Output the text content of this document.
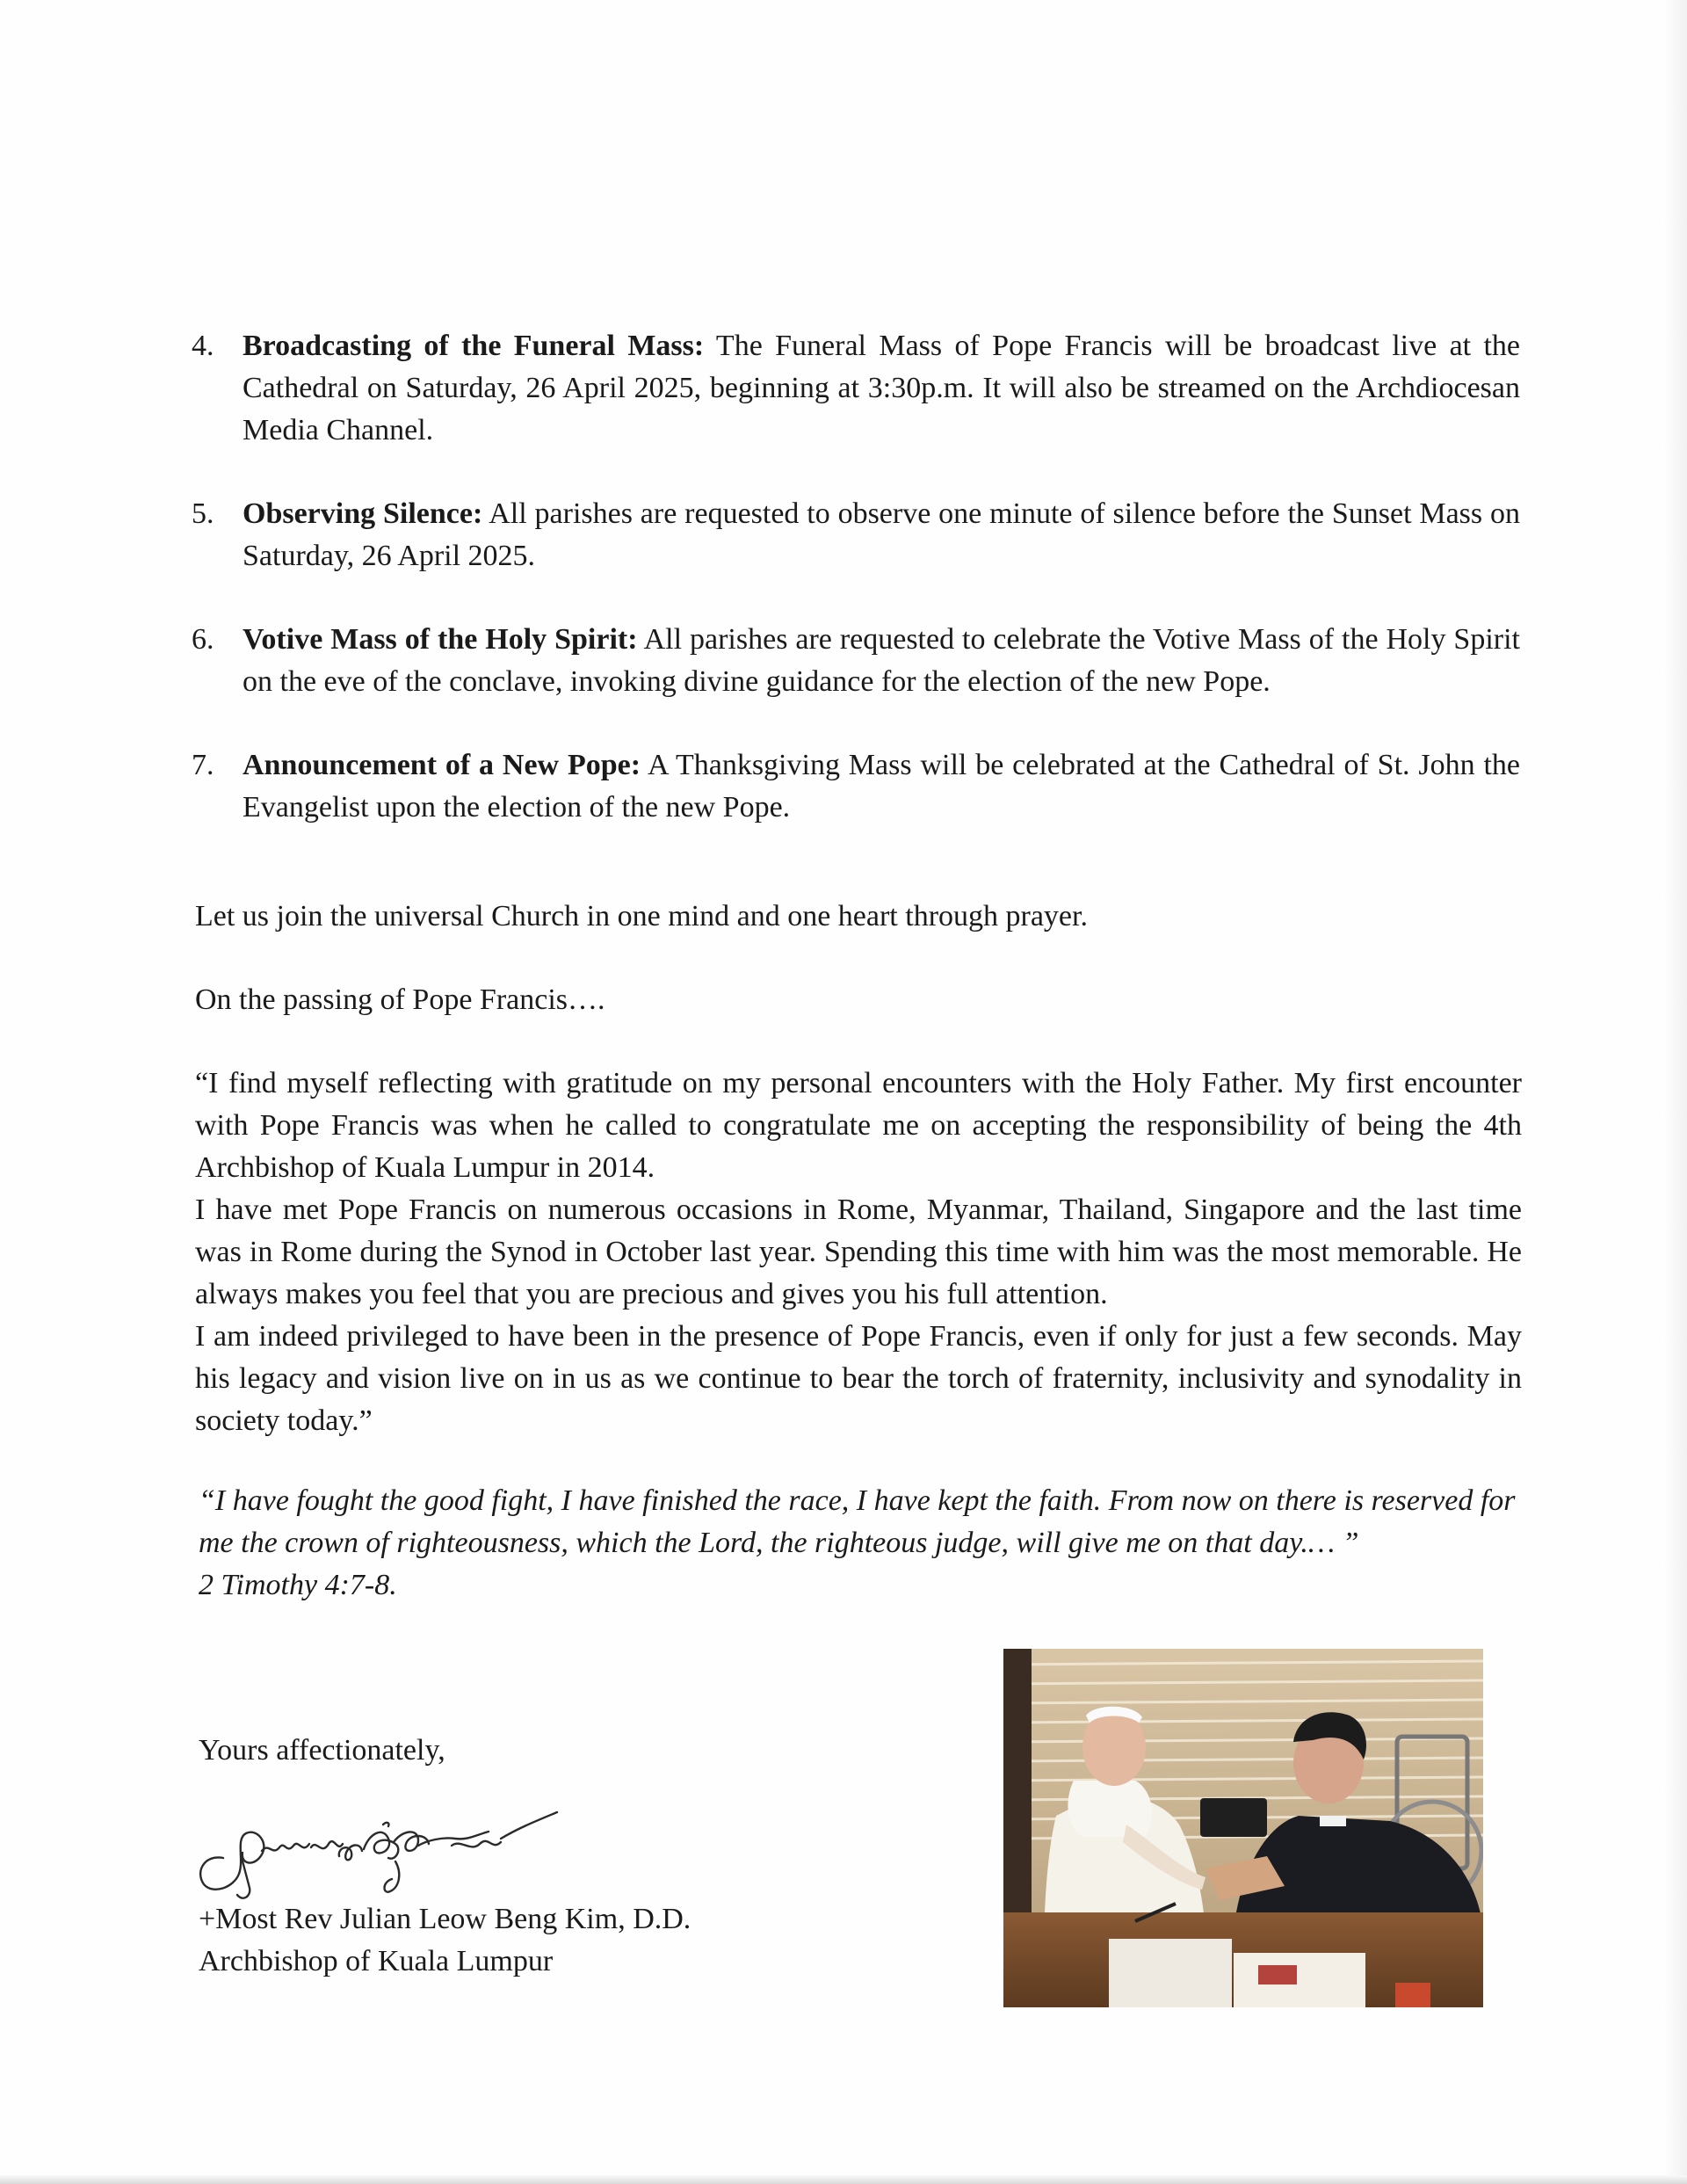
4. Broadcasting of the Funeral Mass: The Funeral Mass of Pope Francis will be broadcast live at the Cathedral on Saturday, 26 April 2025, beginning at 3:30p.m. It will also be streamed on the Archdiocesan Media Channel.
5. Observing Silence: All parishes are requested to observe one minute of silence before the Sunset Mass on Saturday, 26 April 2025.
6. Votive Mass of the Holy Spirit: All parishes are requested to celebrate the Votive Mass of the Holy Spirit on the eve of the conclave, invoking divine guidance for the election of the new Pope.
7. Announcement of a New Pope: A Thanksgiving Mass will be celebrated at the Cathedral of St. John the Evangelist upon the election of the new Pope.

Let us join the universal Church in one mind and one heart through prayer.

On the passing of Pope Francis….

“I find myself reflecting with gratitude on my personal encounters with the Holy Father. My first encounter with Pope Francis was when he called to congratulate me on accepting the responsibility of being the 4th Archbishop of Kuala Lumpur in 2014.

I have met Pope Francis on numerous occasions in Rome, Myanmar, Thailand, Singapore and the last time was in Rome during the Synod in October last year. Spending this time with him was the most memorable. He always makes you feel that you are precious and gives you his full attention.

I am indeed privileged to have been in the presence of Pope Francis, even if only for just a few seconds. May his legacy and vision live on in us as we continue to bear the torch of fraternity, inclusivity and synodality in society today.”

“I have fought the good fight, I have finished the race, I have kept the faith. From now on there is reserved for me the crown of righteousness, which the Lord, the righteous judge, will give me on that day.… ”
2 Timothy 4:7-8.

Yours affectionately,

+Most Rev Julian Leow Beng Kim, D.D.
Archbishop of Kuala Lumpur
